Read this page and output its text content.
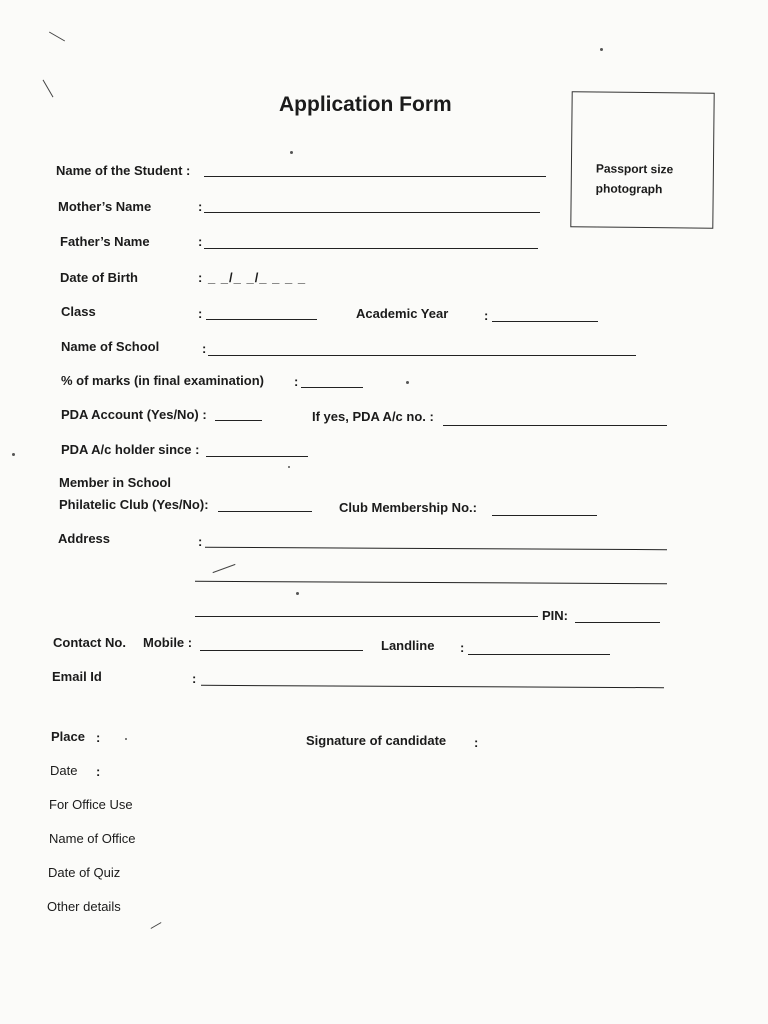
Application Form
Passport size photograph
Name of the Student :
Mother’s Name	:
Father’s Name	:
Date of Birth	: _ _/_ _/_ _ _ _
Class	:	Academic Year	:
Name of School	:
% of marks (in final examination) :
PDA Account (Yes/No) :	If yes, PDA A/c no. :
PDA A/c holder since :
Member in School
Philatelic Club (Yes/No):	Club Membership No.:
Address	:
PIN:
Contact No. Mobile :	Landline :
Email Id	:
Place :	Signature of candidate :
Date :
For Office Use
Name of Office
Date of Quiz
Other details
